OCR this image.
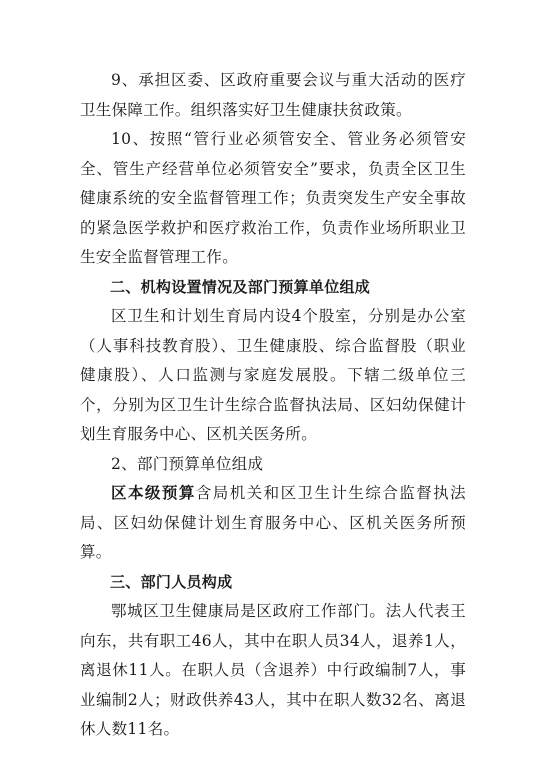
9、承担区委、区政府重要会议与重大活动的医疗卫生保障工作。组织落实好卫生健康扶贫政策。

10、按照“管行业必须管安全、管业务必须管安全、管生产经营单位必须管安全”要求，负责全区卫生健康系统的安全监督管理工作；负责突发生产安全事故的紧急医学救护和医疗救治工作，负责作业场所职业卫生安全监督管理工作。

二、机构设置情况及部门预算单位组成

区卫生和计划生育局内设4个股室，分别是办公室（人事科技教育股）、卫生健康股、综合监督股（职业健康股）、人口监测与家庭发展股。下辖二级单位三个，分别为区卫生计生综合监督执法局、区妇幼保健计划生育服务中心、区机关医务所。

2、部门预算单位组成

区本级预算含局机关和区卫生计生综合监督执法局、区妇幼保健计划生育服务中心、区机关医务所预算。

三、部门人员构成

鄂城区卫生健康局是区政府工作部门。法人代表王向东，共有职工46人，其中在职人员34人，退养1人，离退休11人。在职人员（含退养）中行政编制7人，事业编制2人；财政供养43人，其中在职人数32名、离退休人数11名。
